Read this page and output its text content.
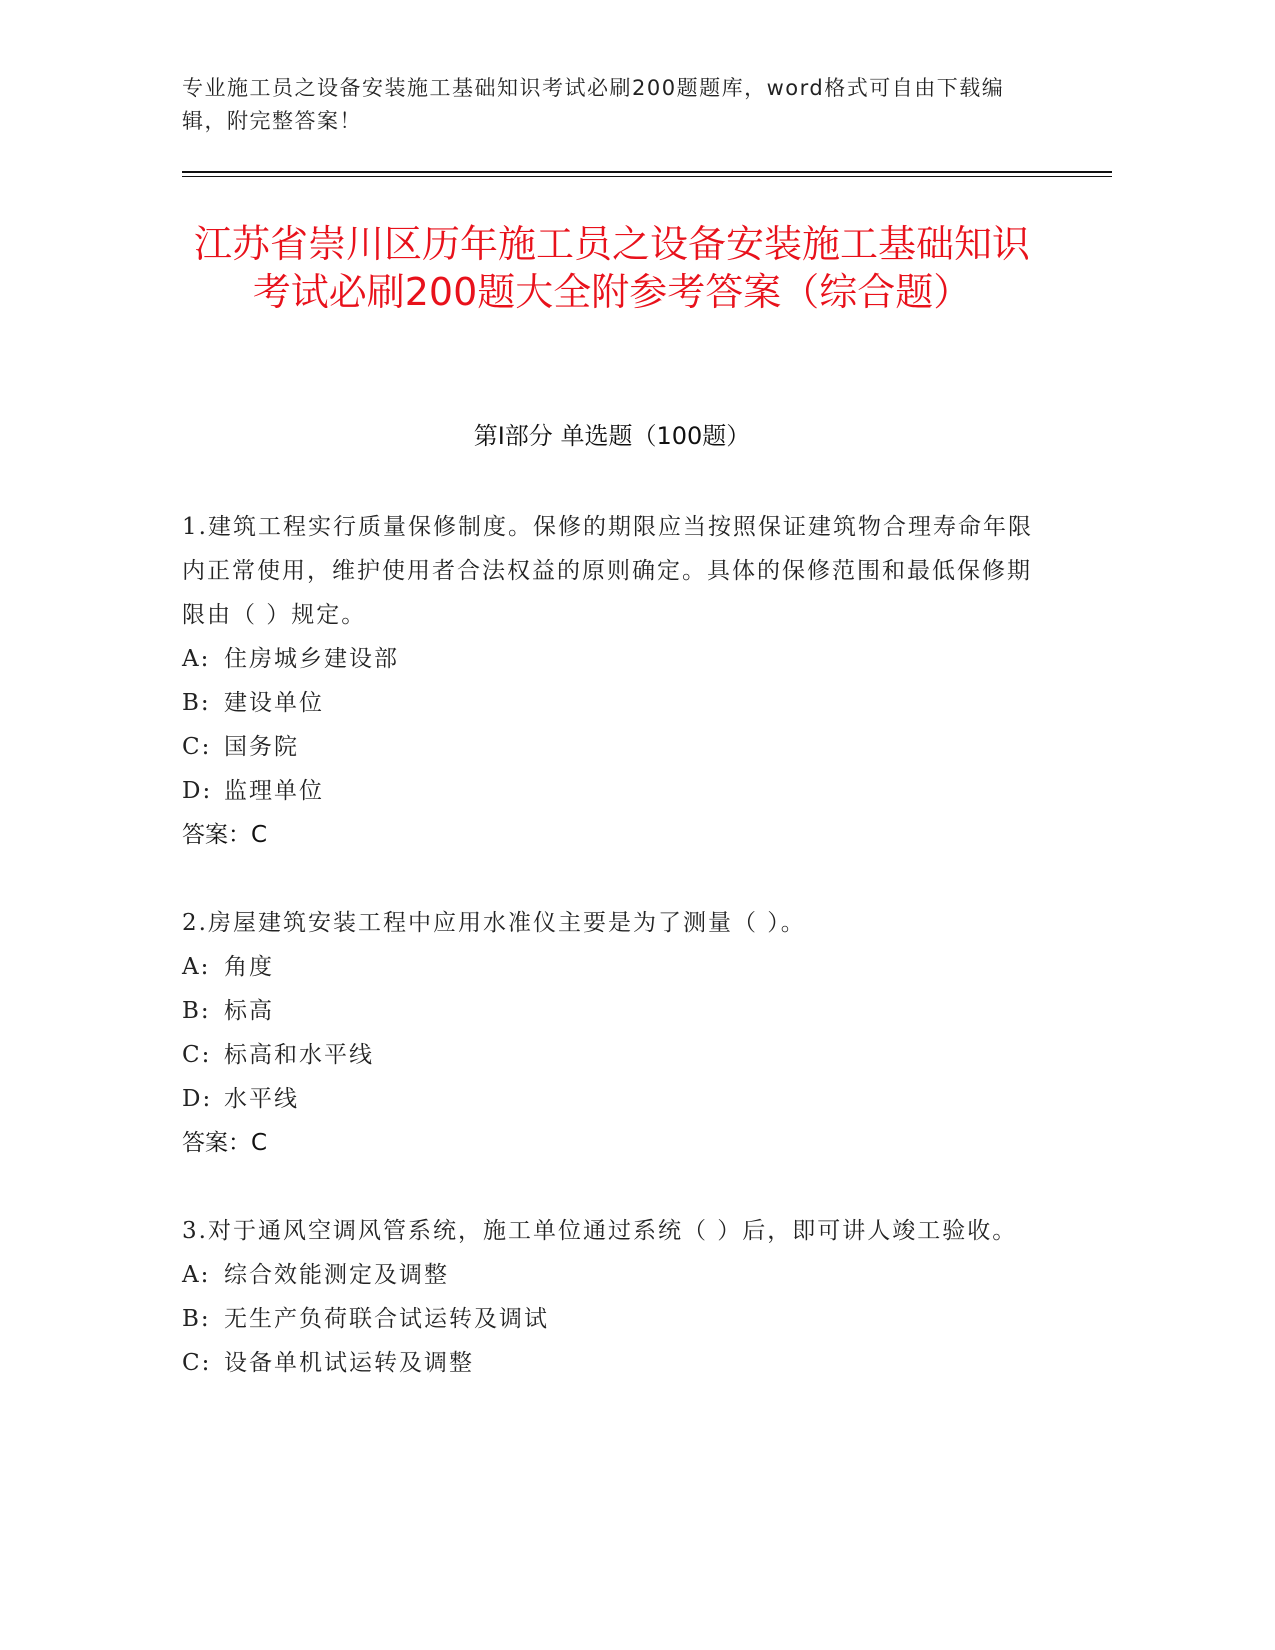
专业施工员之设备安装施工基础知识考试必刷200题题库，word格式可自由下载编辑，附完整答案！
江苏省崇川区历年施工员之设备安装施工基础知识考试必刷200题大全附参考答案（综合题）
第Ⅰ部分 单选题（100题）

1.建筑工程实行质量保修制度。保修的期限应当按照保证建筑物合理寿命年限内正常使用，维护使用者合法权益的原则确定。具体的保修范围和最低保修期限由（ ）规定。

A: 住房城乡建设部

B: 建设单位

C: 国务院

D: 监理单位

答案：C

2.房屋建筑安装工程中应用水准仪主要是为了测量（ ）。

A: 角度

B: 标高

C: 标高和水平线

D: 水平线

答案：C

3.对于通风空调风管系统，施工单位通过系统（ ）后，即可讲人竣工验收。

A: 综合效能测定及调整

B: 无生产负荷联合试运转及调试

C: 设备单机试运转及调整
